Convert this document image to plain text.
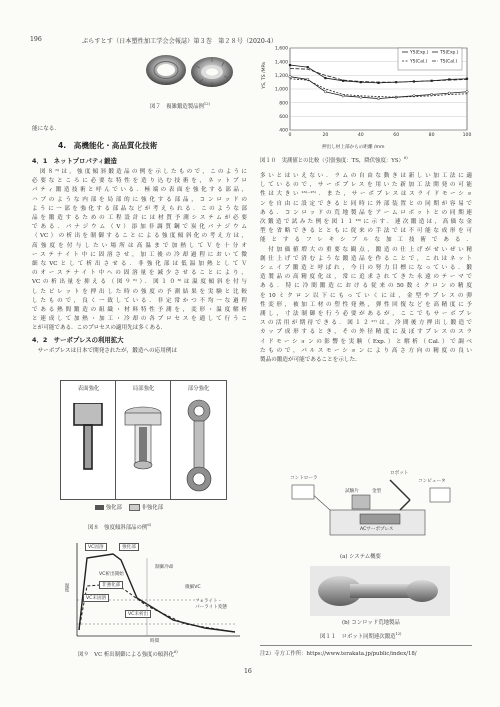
196	ぷらすとす（日本塑性加工学会会報誌）第３巻　第２８号（2020-4）
図７　複雑鍛造製品例$^{12)}$
能になる．
4.　高機能化・高品質化技術
4．1　ネットプロパティ鍛造
　図８⁶⁾は，強度傾斜鍛造品の例を示したもので，このように
必要なところに必要な特性を造り込む技術を，ネットプロ
パティ鍛造技術と呼んでいる．極端の表面を強化する部品，
ハブのような内部を局部的に強化する部品，コンロッドの
ように一部を強化する部品などが考えられる．このような部
品を鍛造するための工程設計には材質予測システムが必要
である．バナジウム（V）添加非調質鋼で炭化バナジウム
（VC）の析出を制御することによる強度傾斜化の考え方は，
高強度を付与したい場所は高温まで加熱してＶを十分オ
ーステナイト中に固溶させ，加工後の冷却過程において微
細なVCとして析出させる．非強化部は低温加熱としてＶ
のオーステナイト中への固溶量を減少させることにより，
VCの析出量を抑える（図９⁶⁾）．図１０⁶⁾は温度傾斜を付与
したビレットを押出した時の強度の予測結果を実験と比較
したもので，良く一致している．非定常かつ不均一な過程
である熱間鍛造の組織・材料特性予測を，変形・温度解析
と連成して加熱・加工・冷却の各プロセスを通して行うこ
とが可能である．このプロセスの適用先は多くある．
4．2　サーボプレスの利用拡大
　サーボプレスは日本で開発されたが，鍛造への応用例は
表面強化	局部強化	部分強化
強化部	非強化部
図８　強度傾斜部品の例$^{6)}$
VC固溶	強化部
制御冷却
VC析出開始
非強化部	微細VC
VC未固溶
フェライト・
パーライト変態
VC未析出
温度
時間
図９　VC 析出制御による強度の傾斜化$^{6)}$
400
600
800
1,000
1,200
1,400
1,600
0	20	40	60	80	100
YS(Exp.)	TS(Exp.)
YS(Cal.)	TS(Cal.)
YS, TS /MPa
押出し材上部からの距離 /mm
図１０　実測値との比較（引張強度：TS，降伏強度：YS）$^{6)}$
多いとはいえない．ラムの自由な動きは新しい加工法に適
しているので，サーボプレスを用いた新加工法開発の可能
性は大きい¹³⁾⁻¹⁵⁾．また，サーボプレスはスライドモーショ
ンを自由に設定できると同時に外部装置との同期が容易で
ある．コンロッドの荒地製品をアームロボットとの同期連
次鍛造で試みた例を図１１¹⁶⁾に示す．連次鍛造は，高価な金
型を省略できるとともに従来の手法では不可能な成形を可
能とするフレキシブルな加工技術である．
　付加価値増大の重要な観点，鍛造の仕上げがせいぜい精
創仕上げで済むような鍛造品を作ることで，これはネット
シェイプ鍛造と呼ばれ，今日の努力目標になっている．鍛
造製品の高精度化は，常に追求されてきた永遠のテーマで
ある．特に冷間鍛造における従来の50数ミクロンの精度
を10ミクロン以下にもっていくには，金型やプレスの弾
性変形，被加工材の塑性発熱，弾性回復などを高精度に予
測し，寸法制御を行う必要があるが，ここでもサーボプレ
スの活用が期待できる．図１２¹⁷⁾は，冷間後方押出し鍛造で
カップ成形するとき，その外径精度に及ぼすプレスのスラ
イドモーションの影響を実験（Exp.）と解析（Cal.）で調べ
たもので，パルスモーションにより高さ方向の精度の良い
製品の鍛造が可能であることを示した．
コントローラ
ロボット
コンピュータ
試験片	金型
ACサーボプレス
(a) システム概要
(b) コンロッド荒地製品
図１１　ロボット同期連次鍛造$^{12)}$
注2）寺方工作所：https://www.terakata.jp/public/index/18/
16
